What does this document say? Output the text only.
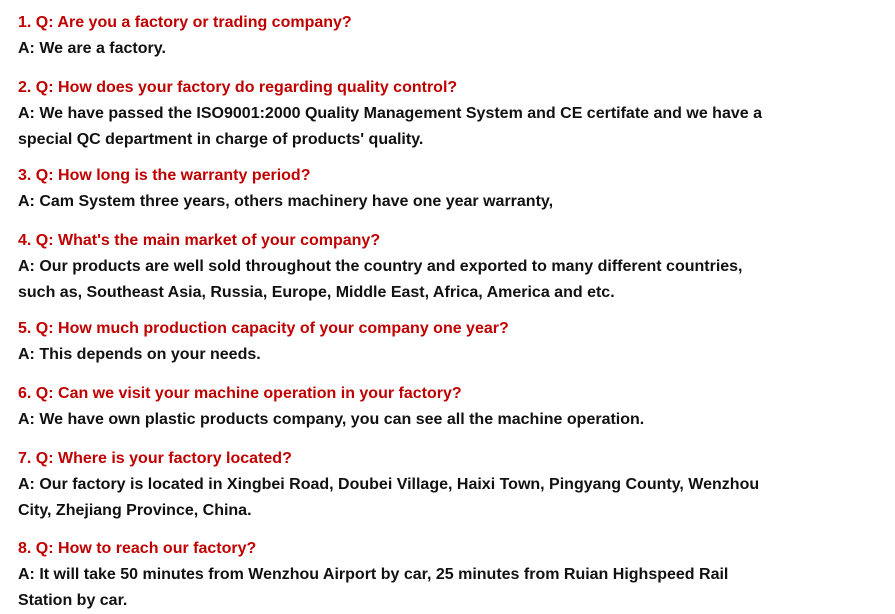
1. Q: Are you a factory or trading company?

A: We are a factory.

2. Q: How does your factory do regarding quality control?

A: We have passed the ISO9001:2000 Quality Management System and CE certifate and we have a
special QC department in charge of products' quality.

3. Q: How long is the warranty period?

A: Cam System three years, others machinery have one year warranty,

4. Q: What's the main market of your company?

A: Our products are well sold throughout the country and exported to many different countries,
such as, Southeast Asia, Russia, Europe, Middle East, Africa, America and etc.

5. Q: How much production capacity of your company one year?

A: This depends on your needs.

6. Q: Can we visit your machine operation in your factory?

A: We have own plastic products company, you can see all the machine operation.

7. Q: Where is your factory located?

A: Our factory is located in Xingbei Road, Doubei Village, Haixi Town, Pingyang County, Wenzhou
City, Zhejiang Province, China.

8. Q: How to reach our factory?

A: It will take 50 minutes from Wenzhou Airport by car, 25 minutes from Ruian Highspeed Rail
Station by car.
